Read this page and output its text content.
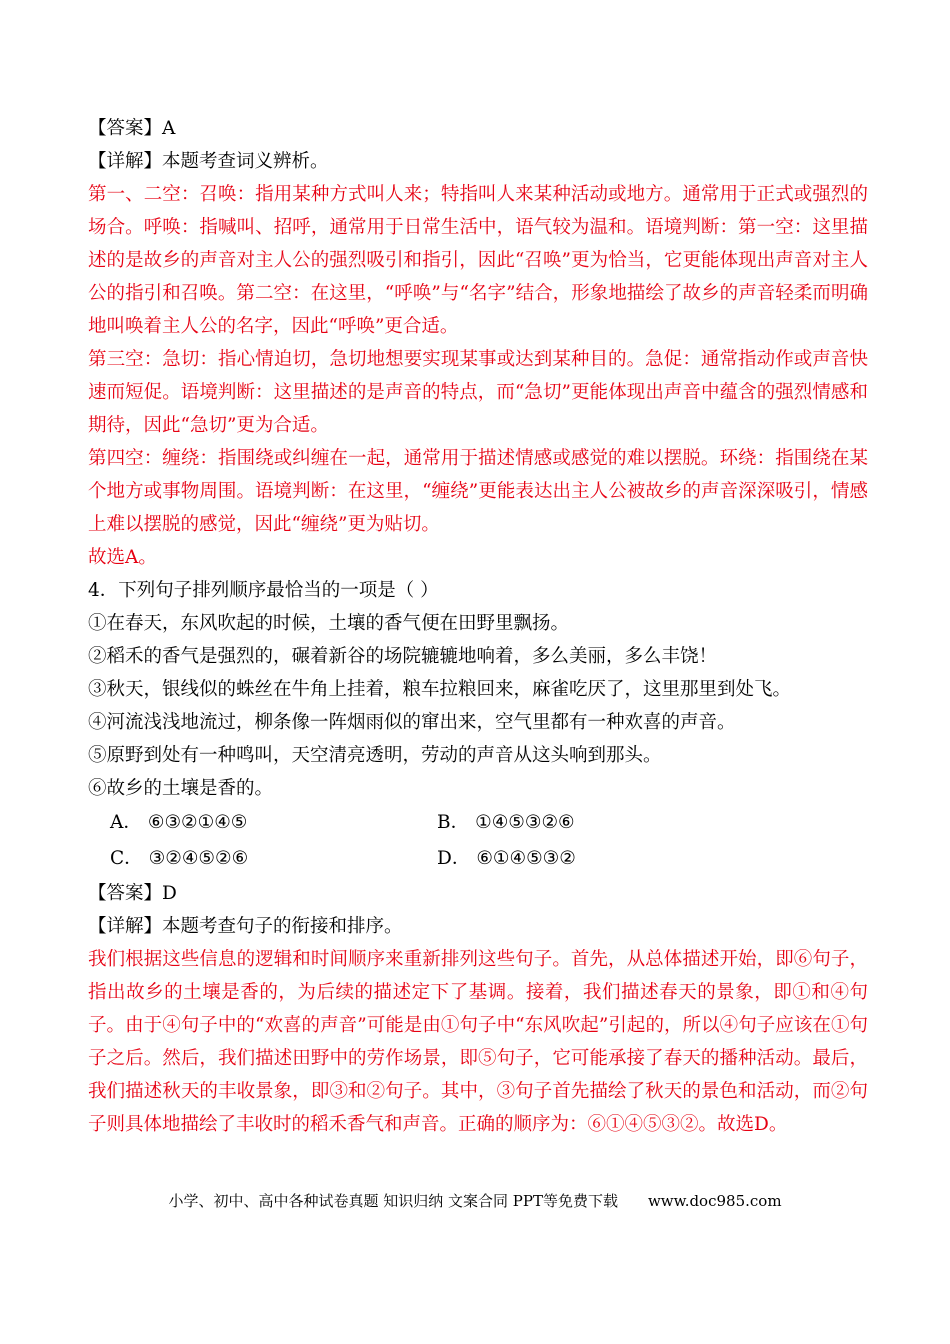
【答案】A
【详解】本题考查词义辨析。
第一、二空：召唤：指用某种方式叫人来；特指叫人来某种活动或地方。通常用于正式或强烈的场合。呼唤：指喊叫、招呼，通常用于日常生活中，语气较为温和。语境判断：第一空：这里描述的是故乡的声音对主人公的强烈吸引和指引，因此“召唤”更为恰当，它更能体现出声音对主人公的指引和召唤。第二空：在这里，“呼唤”与“名字”结合，形象地描绘了故乡的声音轻柔而明确地叫唤着主人公的名字，因此“呼唤”更合适。
第三空：急切：指心情迫切，急切地想要实现某事或达到某种目的。急促：通常指动作或声音快速而短促。语境判断：这里描述的是声音的特点，而“急切”更能体现出声音中蕴含的强烈情感和期待，因此“急切”更为合适。
第四空：缠绕：指围绕或纠缠在一起，通常用于描述情感或感觉的难以摆脱。环绕：指围绕在某个地方或事物周围。语境判断：在这里，“缠绕”更能表达出主人公被故乡的声音深深吸引，情感上难以摆脱的感觉，因此“缠绕”更为贴切。
故选A。
4．下列句子排列顺序最恰当的一项是（ ）
①在春天，东风吹起的时候，土壤的香气便在田野里飘扬。
②稻禾的香气是强烈的，碾着新谷的场院辘辘地响着，多么美丽，多么丰饶！
③秋天，银线似的蛛丝在牛角上挂着，粮车拉粮回来，麻雀吃厌了，这里那里到处飞。
④河流浅浅地流过，柳条像一阵烟雨似的窜出来，空气里都有一种欢喜的声音。
⑤原野到处有一种鸣叫，天空清亮透明，劳动的声音从这头响到那头。
⑥故乡的土壤是香的。
A． ⑥③②①④⑤	B． ①④⑤③②⑥
C． ③②④⑤②⑥	D． ⑥①④⑤③②
【答案】D
【详解】本题考查句子的衔接和排序。
我们根据这些信息的逻辑和时间顺序来重新排列这些句子。首先，从总体描述开始，即⑥句子，指出故乡的土壤是香的，为后续的描述定下了基调。接着，我们描述春天的景象，即①和④句子。由于④句子中的“欢喜的声音”可能是由①句子中“东风吹起”引起的，所以④句子应该在①句子之后。然后，我们描述田野中的劳作场景，即⑤句子，它可能承接了春天的播种活动。最后，我们描述秋天的丰收景象，即③和②句子。其中，③句子首先描绘了秋天的景色和活动，而②句子则具体地描绘了丰收时的稻禾香气和声音。正确的顺序为：⑥①④⑤③②。故选D。
小学、初中、高中各种试卷真题 知识归纳 文案合同 PPT等免费下载 www.doc985.com
